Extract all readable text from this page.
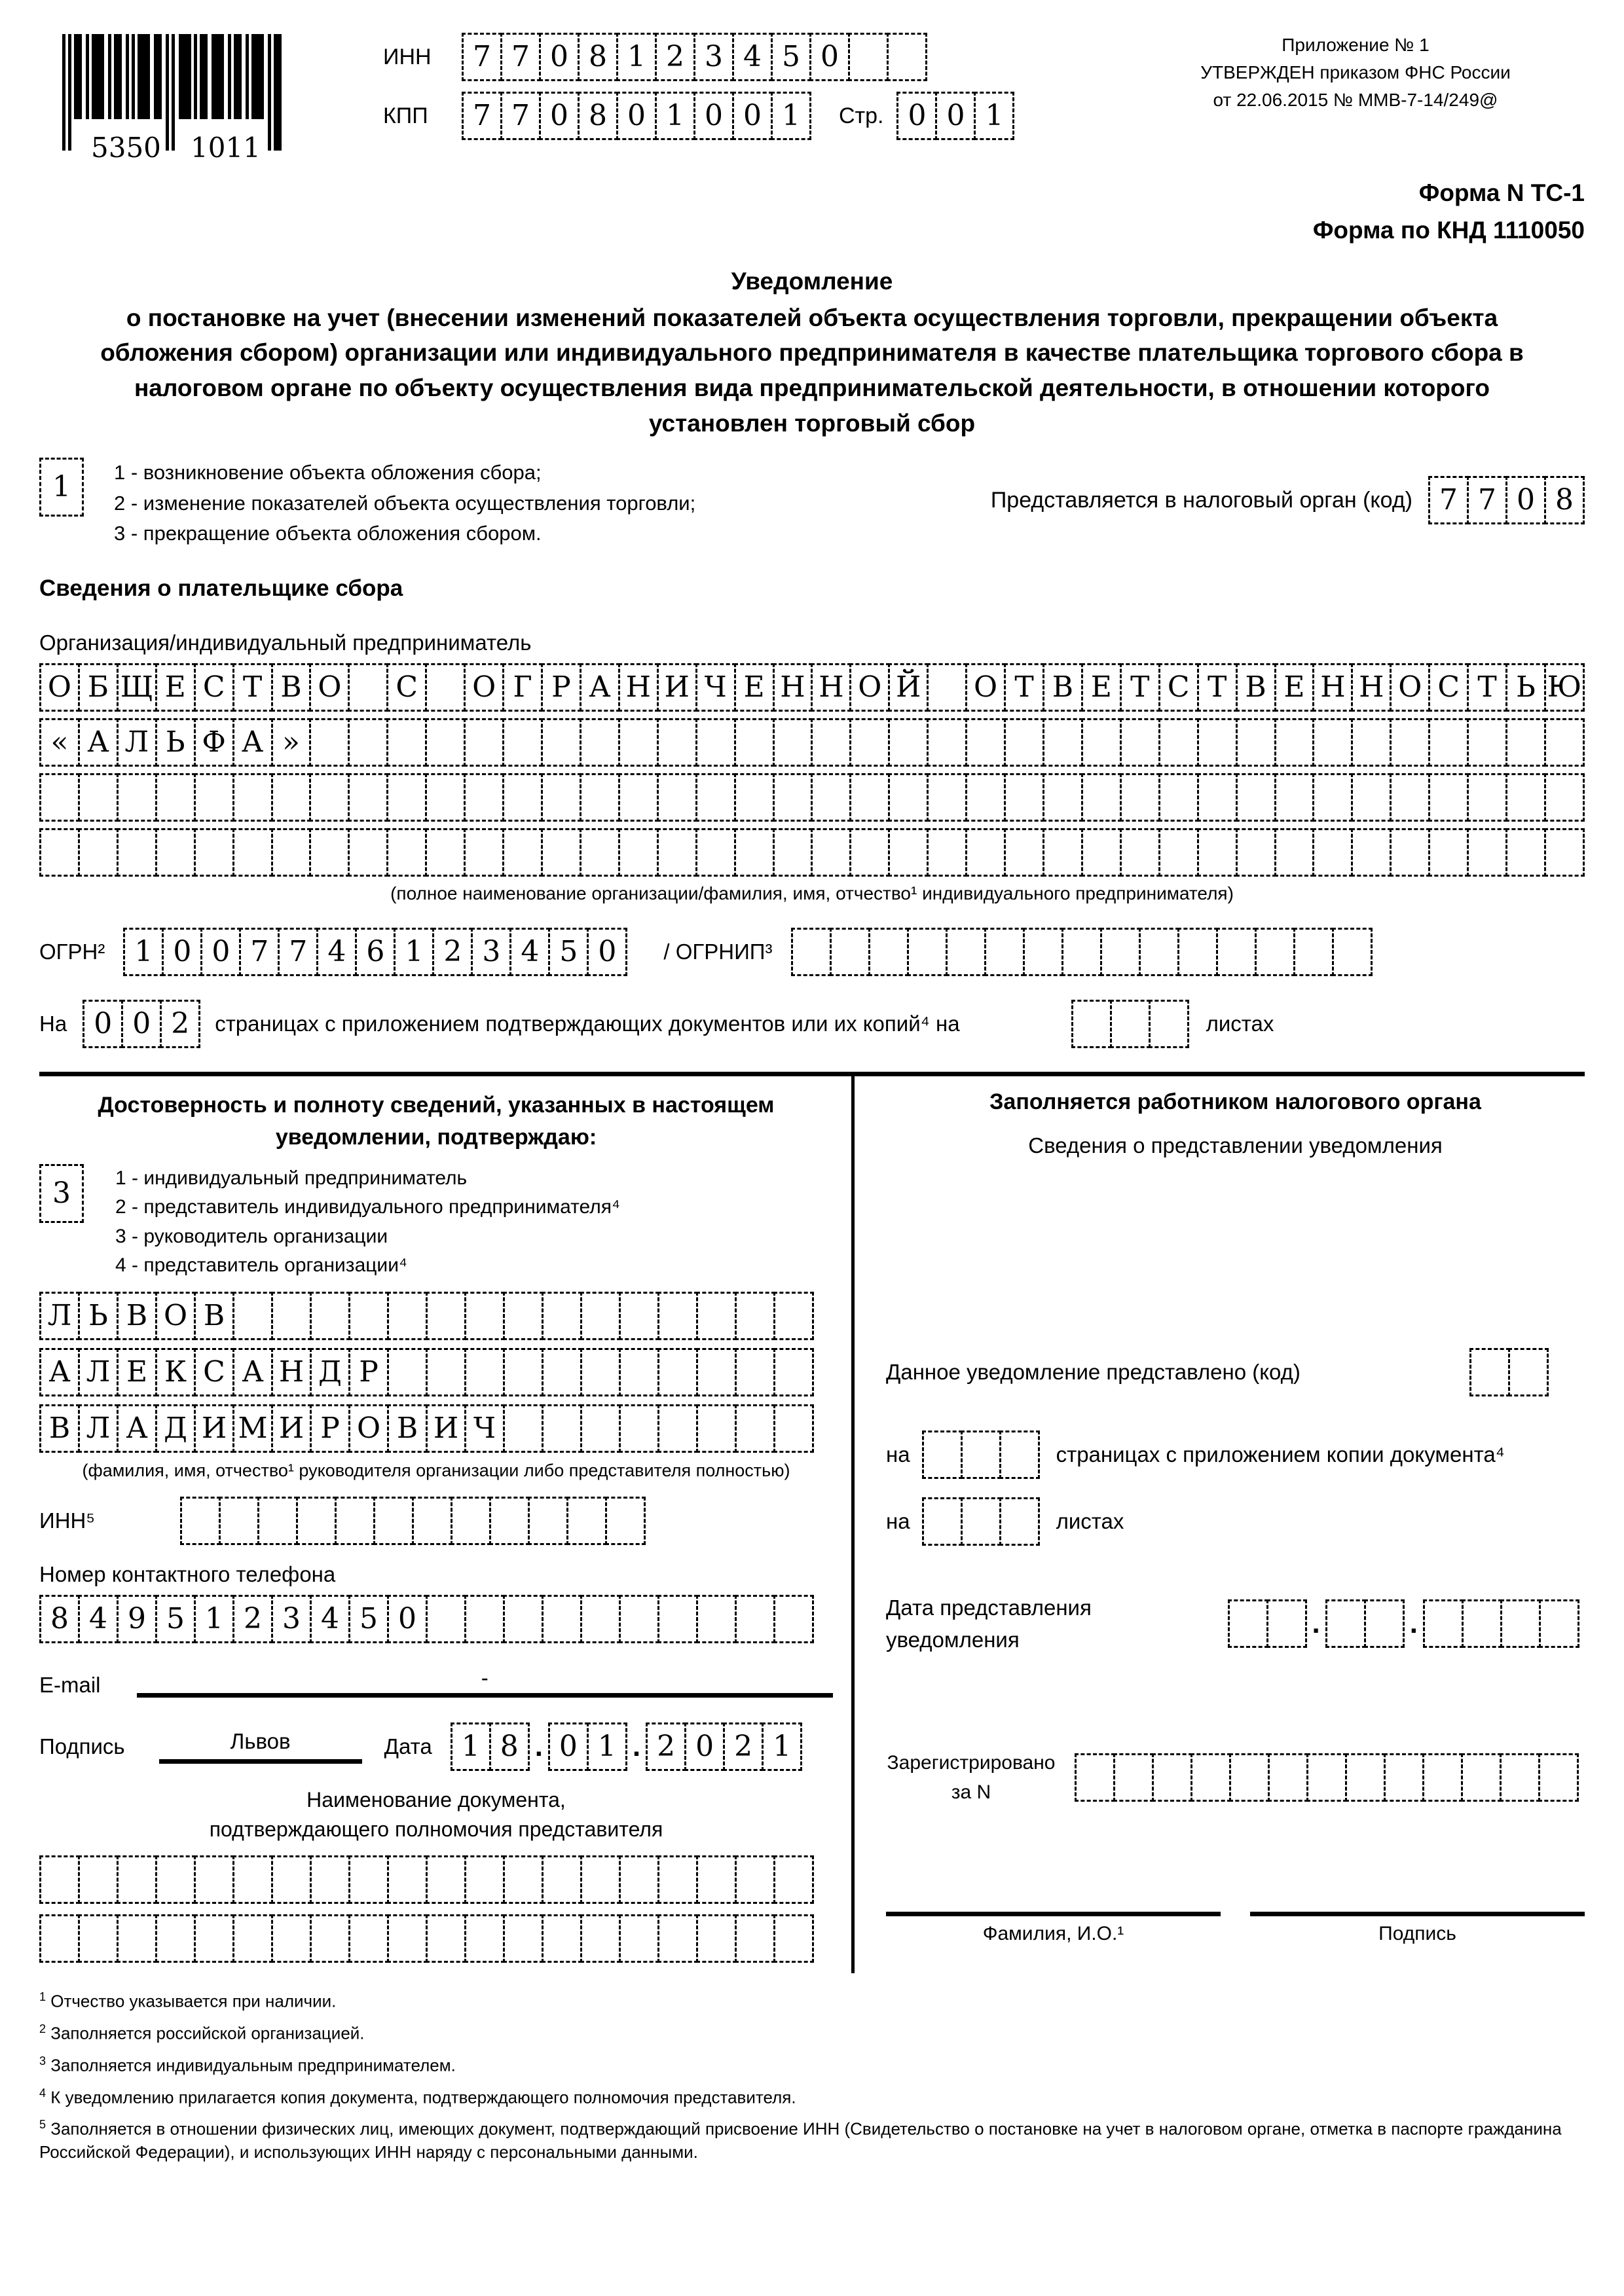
5350 1011
ИНН	7 7 0 8 1 2 3 4 5 0
КПП	7 7 0 8 0 1 0 0 1	Стр. 0 0 1
Приложение № 1
УТВЕРЖДЕН приказом ФНС России
от 22.06.2015 № ММВ-7-14/249@
Форма N ТС-1
Форма по КНД 1110050
Уведомление
о постановке на учет (внесении изменений показателей объекта осуществления торговли, прекращении объекта обложения сбором) организации или индивидуального предпринимателя в качестве плательщика торгового сбора в налоговом органе по объекту осуществления вида предпринимательской деятельности, в отношении которого установлен торговый сбор
1	1 - возникновение объекта обложения сбора;
2 - изменение показателей объекта осуществления торговли;
3 - прекращение объекта обложения сбором.
Представляется в налоговый орган (код) 7 7 0 8
Сведения о плательщике сбора
Организация/индивидуальный предприниматель
О Б Щ Е С Т В О	С	О Г Р А Н И Ч Е Н Н О Й О Т В Е Т С Т В Е Н Н О С Т Ь Ю
« А Л Ь Ф А »
(полное наименование организации/фамилия, имя, отчество¹ индивидуального предпринимателя)
ОГРН²	1 0 0 7 7 4 6 1 2 3 4 5 0	/ ОГРНИП³
На 0 0 2	страницах с приложением подтверждающих документов или их копий⁴ на	листах
Достоверность и полноту сведений, указанных в настоящем уведомлении, подтверждаю:
3	1 - индивидуальный предприниматель
2 - представитель индивидуального предпринимателя⁴
3 - руководитель организации
4 - представитель организации⁴
Л Ь В О В
А Л Е К С А Н Д Р
В Л А Д И М И Р О В И Ч
(фамилия, имя, отчество¹ руководителя организации либо представителя полностью)
ИНН⁵
Номер контактного телефона
8 4 9 5 1 2 3 4 5 0
E-mail	-
Подпись	Львов	Дата	1 8 . 0 1 . 2 0 2 1
Наименование документа,
подтверждающего полномочия представителя
Заполняется работником налогового органа
Сведения о представлении уведомления
Данное уведомление представлено (код)
на	страницах с приложением копии документа⁴
на	листах
Дата представления
уведомления
.	.
Зарегистрировано
за N
Фамилия, И.О.¹	Подпись
$^1$ Отчество указывается при наличии.
$^2$ Заполняется российской организацией.
$^3$ Заполняется индивидуальным предпринимателем.
$^4$ К уведомлению прилагается копия документа, подтверждающего полномочия представителя.
$^5$ Заполняется в отношении физических лиц, имеющих документ, подтверждающий присвоение ИНН (Свидетельство о постановке на учет в налоговом органе, отметка в паспорте гражданина Российской Федерации), и использующих ИНН наряду с персональными данными.
